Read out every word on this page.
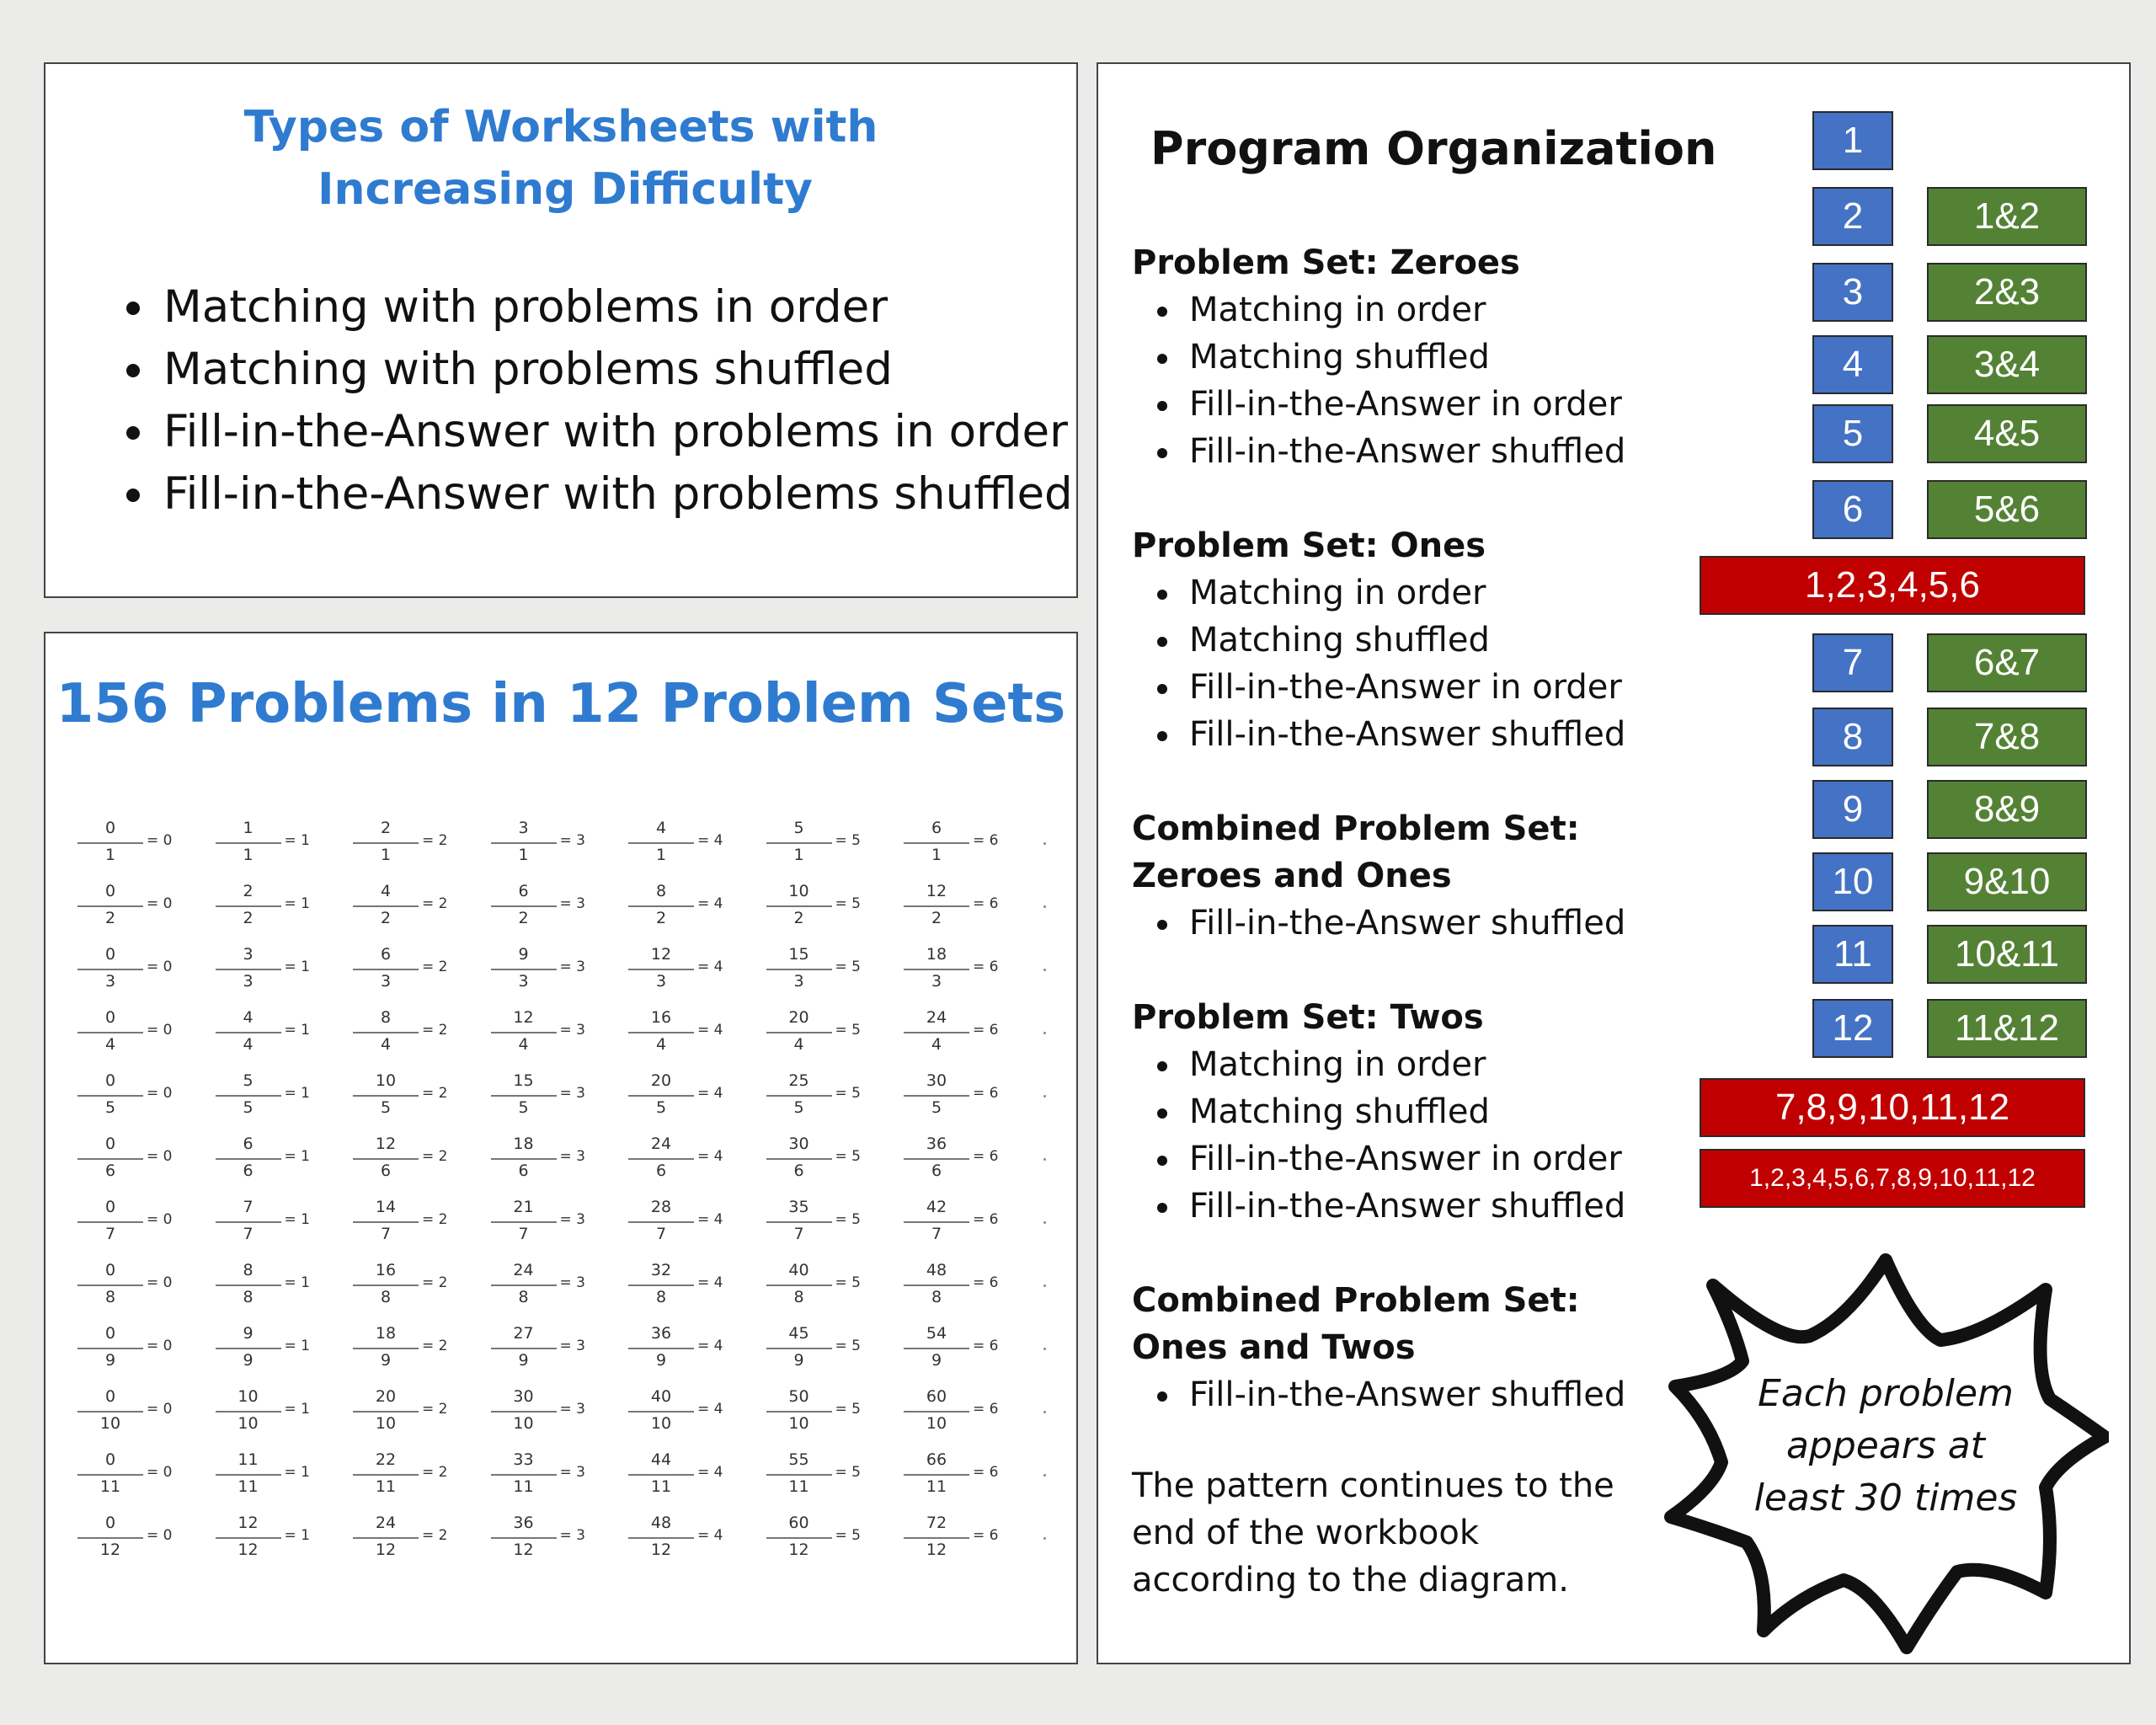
Types of Worksheets with
Increasing Difficulty
Matching with problems in order
Matching with problems shuffled
Fill-in-the-Answer with problems in order
Fill-in-the-Answer with problems shuffled
156 Problems in 12 Problem Sets
0
1
= 0
1
1
= 1
2
1
= 2
3
1
= 3
4
1
= 4
5
1
= 5
6
1
= 6
0
2
= 0
2
2
= 1
4
2
= 2
6
2
= 3
8
2
= 4
10
2
= 5
12
2
= 6
0
3
= 0
3
3
= 1
6
3
= 2
9
3
= 3
12
3
= 4
15
3
= 5
18
3
= 6
0
4
= 0
4
4
= 1
8
4
= 2
12
4
= 3
16
4
= 4
20
4
= 5
24
4
= 6
0
5
= 0
5
5
= 1
10
5
= 2
15
5
= 3
20
5
= 4
25
5
= 5
30
5
= 6
0
6
= 0
6
6
= 1
12
6
= 2
18
6
= 3
24
6
= 4
30
6
= 5
36
6
= 6
0
7
= 0
7
7
= 1
14
7
= 2
21
7
= 3
28
7
= 4
35
7
= 5
42
7
= 6
0
8
= 0
8
8
= 1
16
8
= 2
24
8
= 3
32
8
= 4
40
8
= 5
48
8
= 6
0
9
= 0
9
9
= 1
18
9
= 2
27
9
= 3
36
9
= 4
45
9
= 5
54
9
= 6
0
10
= 0
10
10
= 1
20
10
= 2
30
10
= 3
40
10
= 4
50
10
= 5
60
10
= 6
0
11
= 0
11
11
= 1
22
11
= 2
33
11
= 3
44
11
= 4
55
11
= 5
66
11
= 6
0
12
= 0
12
12
= 1
24
12
= 2
36
12
= 3
48
12
= 4
60
12
= 5
72
12
= 6
Program Organization
Problem Set: Zeroes
Matching in order
Matching shuffled
Fill-in-the-Answer in order
Fill-in-the-Answer shuffled
Problem Set: Ones
Matching in order
Matching shuffled
Fill-in-the-Answer in order
Fill-in-the-Answer shuffled
Combined Problem Set:
Zeroes and Ones
Fill-in-the-Answer shuffled
Problem Set: Twos
Matching in order
Matching shuffled
Fill-in-the-Answer in order
Fill-in-the-Answer shuffled
Combined Problem Set:
Ones and Twos
Fill-in-the-Answer shuffled
The pattern continues to the end of the workbook according to the diagram.
1
2
3
4
5
6
7
8
9
10
11
12
1&2
2&3
3&4
4&5
5&6
6&7
7&8
8&9
9&10
10&11
11&12
1,2,3,4,5,6
7,8,9,10,11,12
1,2,3,4,5,6,7,8,9,10,11,12
Each problem
appears at
least 30 times
